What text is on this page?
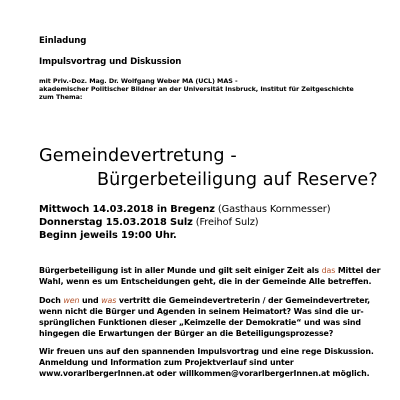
Einladung

Impulsvortrag und Diskussion

mit Priv.-Doz. Mag. Dr. Wolfgang Weber MA (UCL) MAS -

akademischer Politischer Bildner an der Universität Insbruck, Institut für Zeitgeschichte

zum Thema:

Gemeindevertretung -
Bürgerbeteiligung auf Reserve?

Mittwoch 14.03.2018 in Bregenz (Gasthaus Kornmesser)

Donnerstag 15.03.2018 Sulz (Freihof Sulz)

Beginn jeweils 19:00 Uhr.

Bürgerbeteiligung ist in aller Munde und gilt seit einiger Zeit als das Mittel der

Wahl, wenn es um Entscheidungen geht, die in der Gemeinde Alle betreffen.

Doch wen und was vertritt die Gemeindevertreterin / der Gemeindevertreter,

wenn nicht die Bürger und Agenden in seinem Heimatort? Was sind die ur-

sprünglichen Funktionen dieser „Keimzelle der Demokratie“ und was sind

hingegen die Erwartungen der Bürger an die Beteiligungsprozesse?

Wir freuen uns auf den spannenden Impulsvortrag und eine rege Diskussion.

Anmeldung und Information zum Projektverlauf sind unter

www.vorarlbergerInnen.at oder willkommen@vorarlbergerInnen.at möglich.
